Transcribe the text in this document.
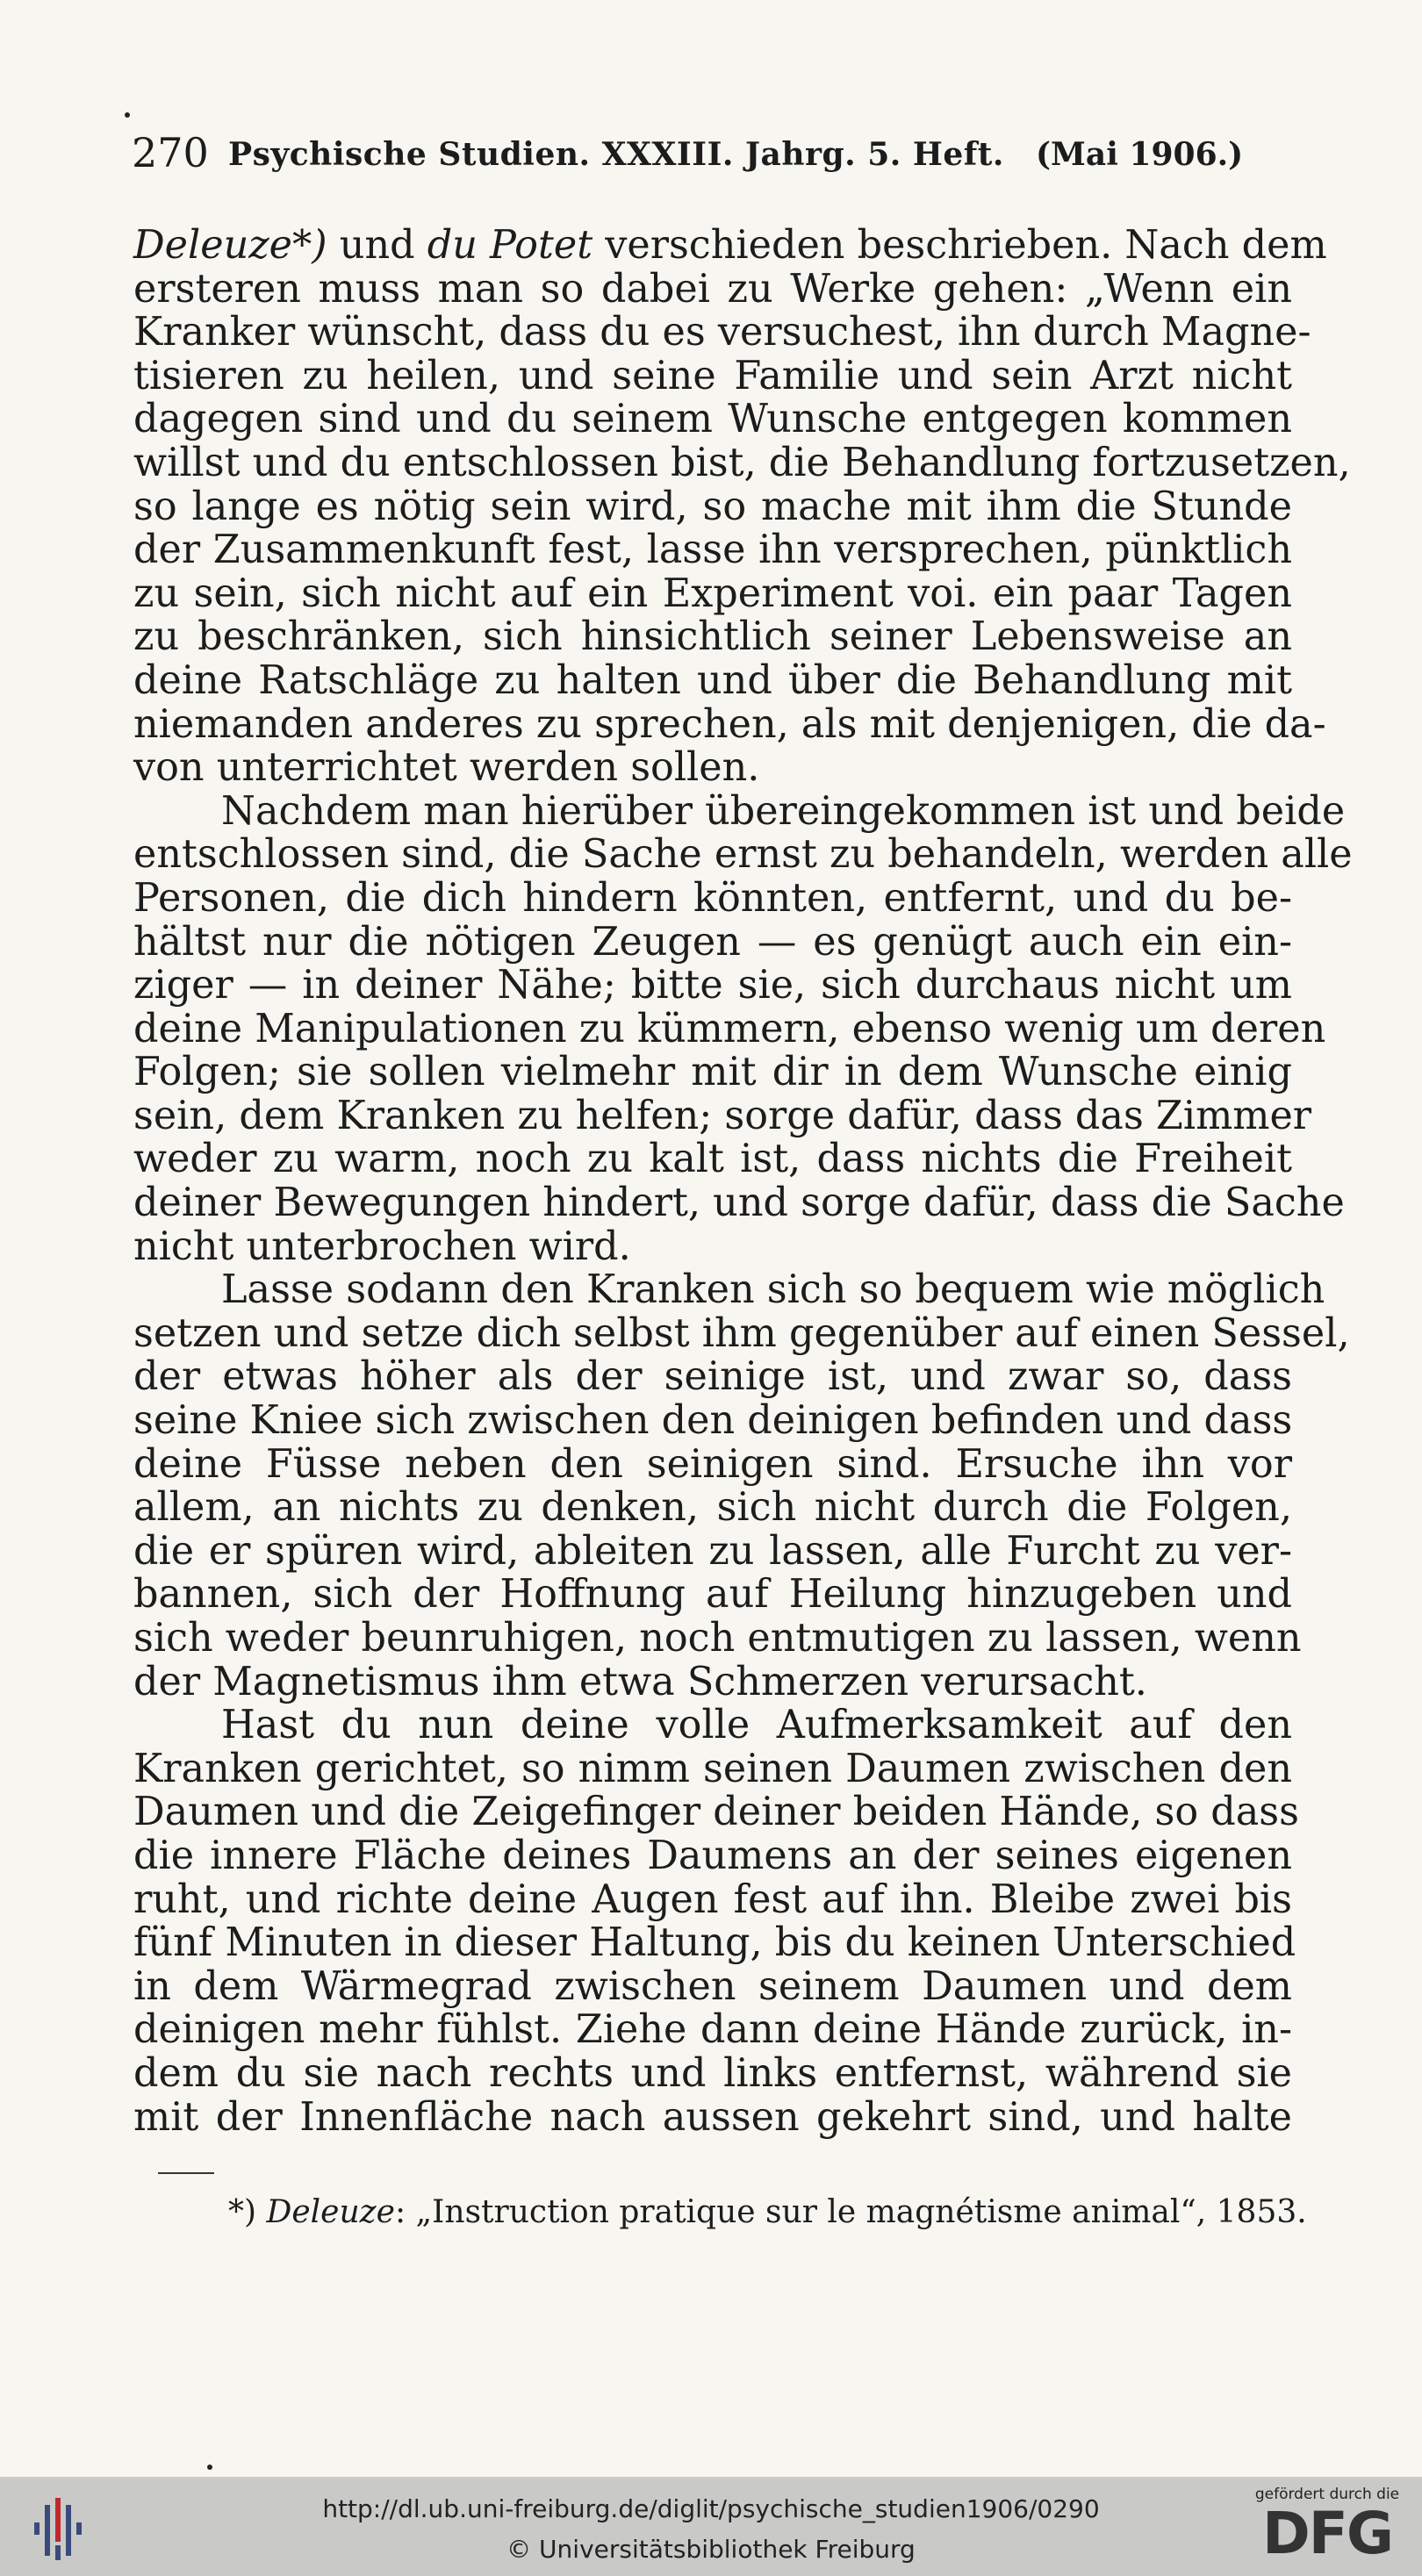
270 Psychische Studien. XXXIII. Jahrg. 5. Heft. (Mai 1906.)
Deleuze*) und du Potet verschieden beschrieben. Nach dem
ersteren muss man so dabei zu Werke gehen: „Wenn ein
Kranker wünscht, dass du es versuchest, ihn durch Magne-
tisieren zu heilen, und seine Familie und sein Arzt nicht
dagegen sind und du seinem Wunsche entgegen kommen
willst und du entschlossen bist, die Behandlung fortzusetzen,
so lange es nötig sein wird, so mache mit ihm die Stunde
der Zusammenkunft fest, lasse ihn versprechen, pünktlich
zu sein, sich nicht auf ein Experiment voi. ein paar Tagen
zu beschränken, sich hinsichtlich seiner Lebensweise an
deine Ratschläge zu halten und über die Behandlung mit
niemanden anderes zu sprechen, als mit denjenigen, die da-
von unterrichtet werden sollen.
Nachdem man hierüber übereingekommen ist und beide
entschlossen sind, die Sache ernst zu behandeln, werden alle
Personen, die dich hindern könnten, entfernt, und du be-
hältst nur die nötigen Zeugen — es genügt auch ein ein-
ziger — in deiner Nähe; bitte sie, sich durchaus nicht um
deine Manipulationen zu kümmern, ebenso wenig um deren
Folgen; sie sollen vielmehr mit dir in dem Wunsche einig
sein, dem Kranken zu helfen; sorge dafür, dass das Zimmer
weder zu warm, noch zu kalt ist, dass nichts die Freiheit
deiner Bewegungen hindert, und sorge dafür, dass die Sache
nicht unterbrochen wird.
Lasse sodann den Kranken sich so bequem wie möglich
setzen und setze dich selbst ihm gegenüber auf einen Sessel,
der etwas höher als der seinige ist, und zwar so, dass
seine Kniee sich zwischen den deinigen befinden und dass
deine Füsse neben den seinigen sind. Ersuche ihn vor
allem, an nichts zu denken, sich nicht durch die Folgen,
die er spüren wird, ableiten zu lassen, alle Furcht zu ver-
bannen, sich der Hoffnung auf Heilung hinzugeben und
sich weder beunruhigen, noch entmutigen zu lassen, wenn
der Magnetismus ihm etwa Schmerzen verursacht.
Hast du nun deine volle Aufmerksamkeit auf den
Kranken gerichtet, so nimm seinen Daumen zwischen den
Daumen und die Zeigefinger deiner beiden Hände, so dass
die innere Fläche deines Daumens an der seines eigenen
ruht, und richte deine Augen fest auf ihn. Bleibe zwei bis
fünf Minuten in dieser Haltung, bis du keinen Unterschied
in dem Wärmegrad zwischen seinem Daumen und dem
deinigen mehr fühlst. Ziehe dann deine Hände zurück, in-
dem du sie nach rechts und links entfernst, während sie
mit der Innenfläche nach aussen gekehrt sind, und halte
*) Deleuze: „Instruction pratique sur le magnétisme animal“, 1853.
http://dl.ub.uni-freiburg.de/diglit/psychische_studien1906/0290
© Universitätsbibliothek Freiburg
gefördert durch die
DFG
